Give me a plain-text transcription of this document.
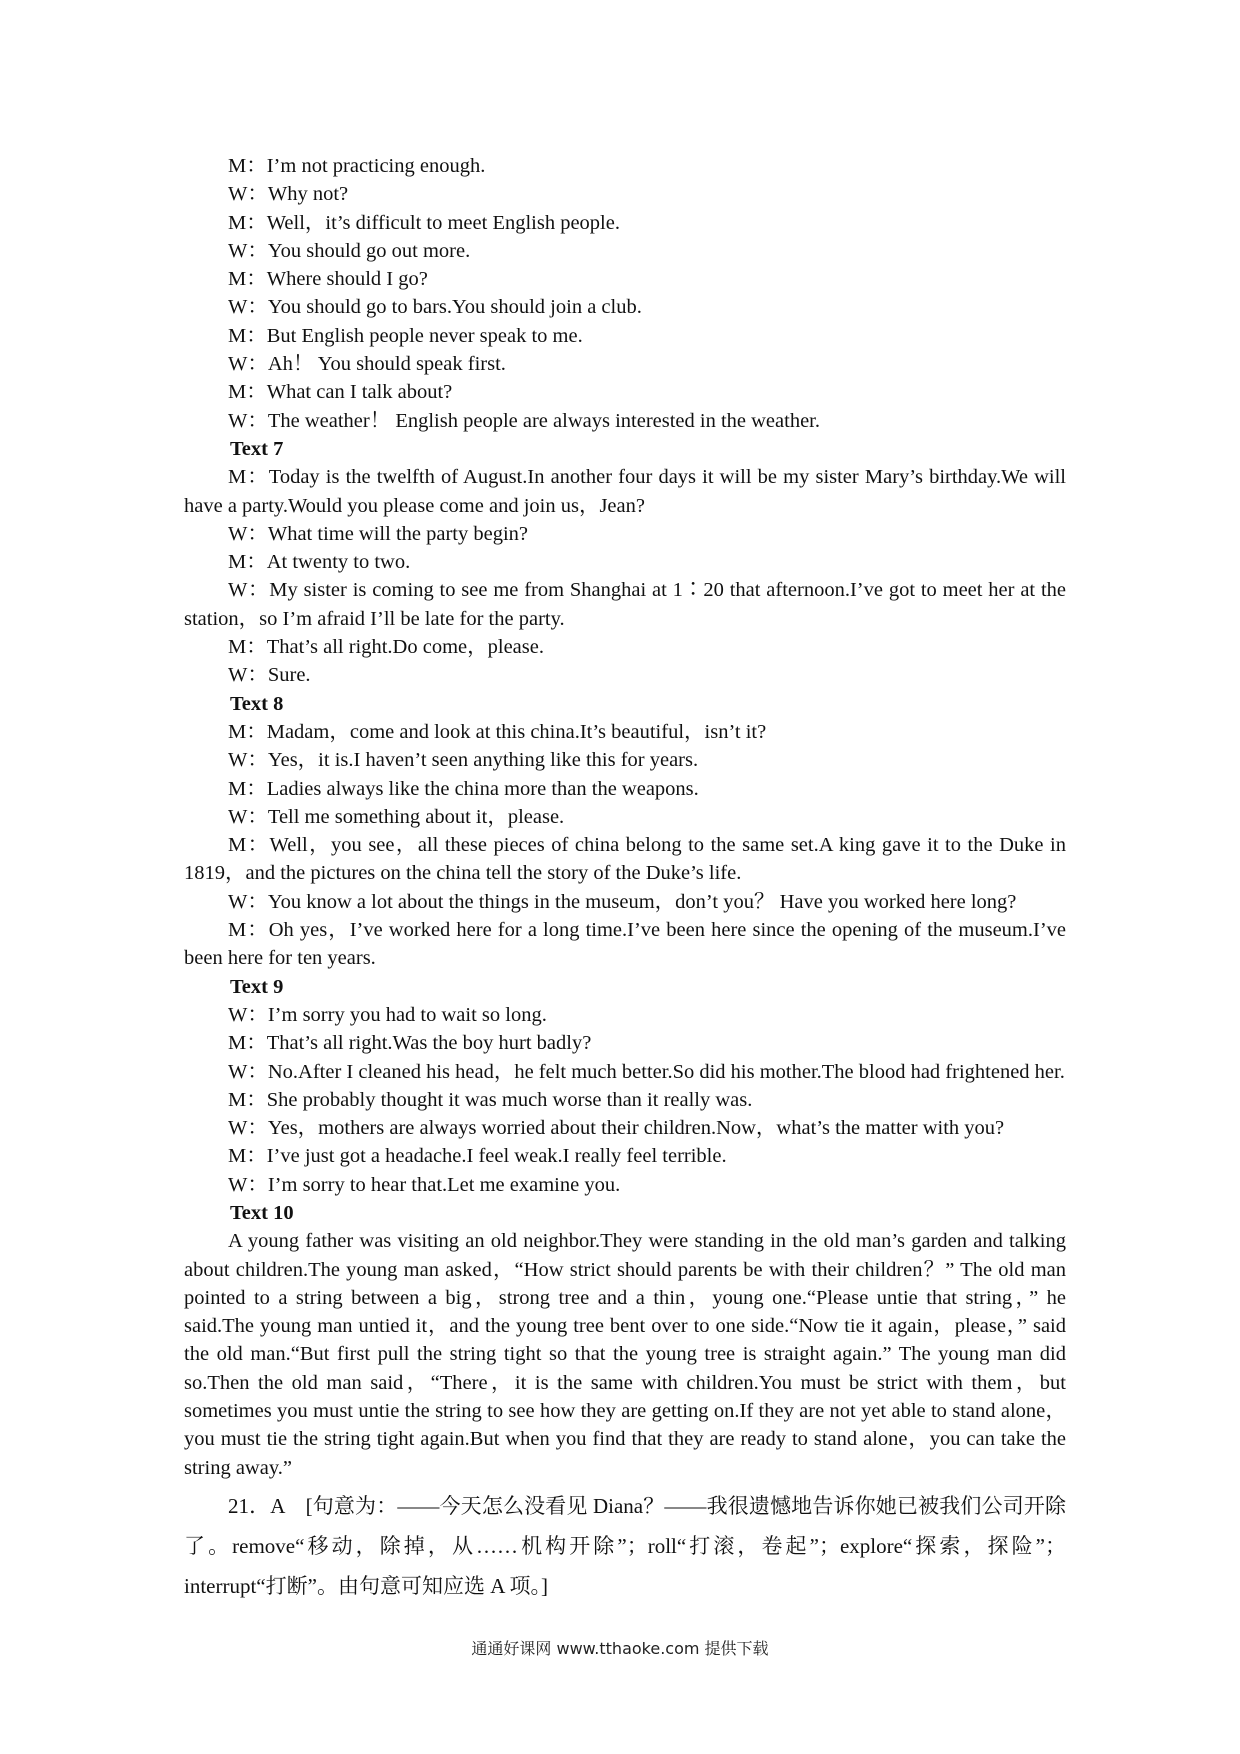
M：I’m not practicing enough.
W：Why not?
M：Well，it’s difficult to meet English people.
W：You should go out more.
M：Where should I go?
W：You should go to bars.You should join a club.
M：But English people never speak to me.
W：Ah！ You should speak first.
M：What can I talk about?
W：The weather！ English people are always interested in the weather.
Text 7
M：Today is the twelfth of August.In another four days it will be my sister Mary’s birthday.We will have a party.Would you please come and join us，Jean?
W：What time will the party begin?
M：At twenty to two.
W：My sister is coming to see me from Shanghai at 1∶20 that afternoon.I’ve got to meet her at the station，so I’m afraid I’ll be late for the party.
M：That’s all right.Do come，please.
W：Sure.
Text 8
M：Madam，come and look at this china.It’s beautiful，isn’t it?
W：Yes，it is.I haven’t seen anything like this for years.
M：Ladies always like the china more than the weapons.
W：Tell me something about it，please.
M：Well，you see，all these pieces of china belong to the same set.A king gave it to the Duke in 1819，and the pictures on the china tell the story of the Duke’s life.
W：You know a lot about the things in the museum，don’t you？ Have you worked here long?
M：Oh yes，I’ve worked here for a long time.I’ve been here since the opening of the museum.I’ve been here for ten years.
Text 9
W：I’m sorry you had to wait so long.
M：That’s all right.Was the boy hurt badly?
W：No.After I cleaned his head，he felt much better.So did his mother.The blood had frightened her.
M：She probably thought it was much worse than it really was.
W：Yes，mothers are always worried about their children.Now，what’s the matter with you?
M：I’ve just got a headache.I feel weak.I really feel terrible.
W：I’m sorry to hear that.Let me examine you.
Text 10
A young father was visiting an old neighbor.They were standing in the old man’s garden and talking about children.The young man asked，“How strict should parents be with their children？” The old man pointed to a string between a big，strong tree and a thin，young one.“Please untie that string，” he said.The young man untied it，and the young tree bent over to one side.“Now tie it again，please，” said the old man.“But first pull the string tight so that the young tree is straight again.” The young man did so.Then the old man said，“There，it is the same with children.You must be strict with them，but sometimes you must untie the string to see how they are getting on.If they are not yet able to stand alone，you must tie the string tight again.But when you find that they are ready to stand alone，you can take the string away.”
21．A　[句意为：——今天怎么没看见 Diana？——我很遗憾地告诉你她已被我们公司开除了。remove“移动，除掉，从……机构开除”；roll“打滚，卷起”；explore“探索，探险”；interrupt“打断”。由句意可知应选 A 项。]
通通好课网 www.tthaoke.com 提供下载
